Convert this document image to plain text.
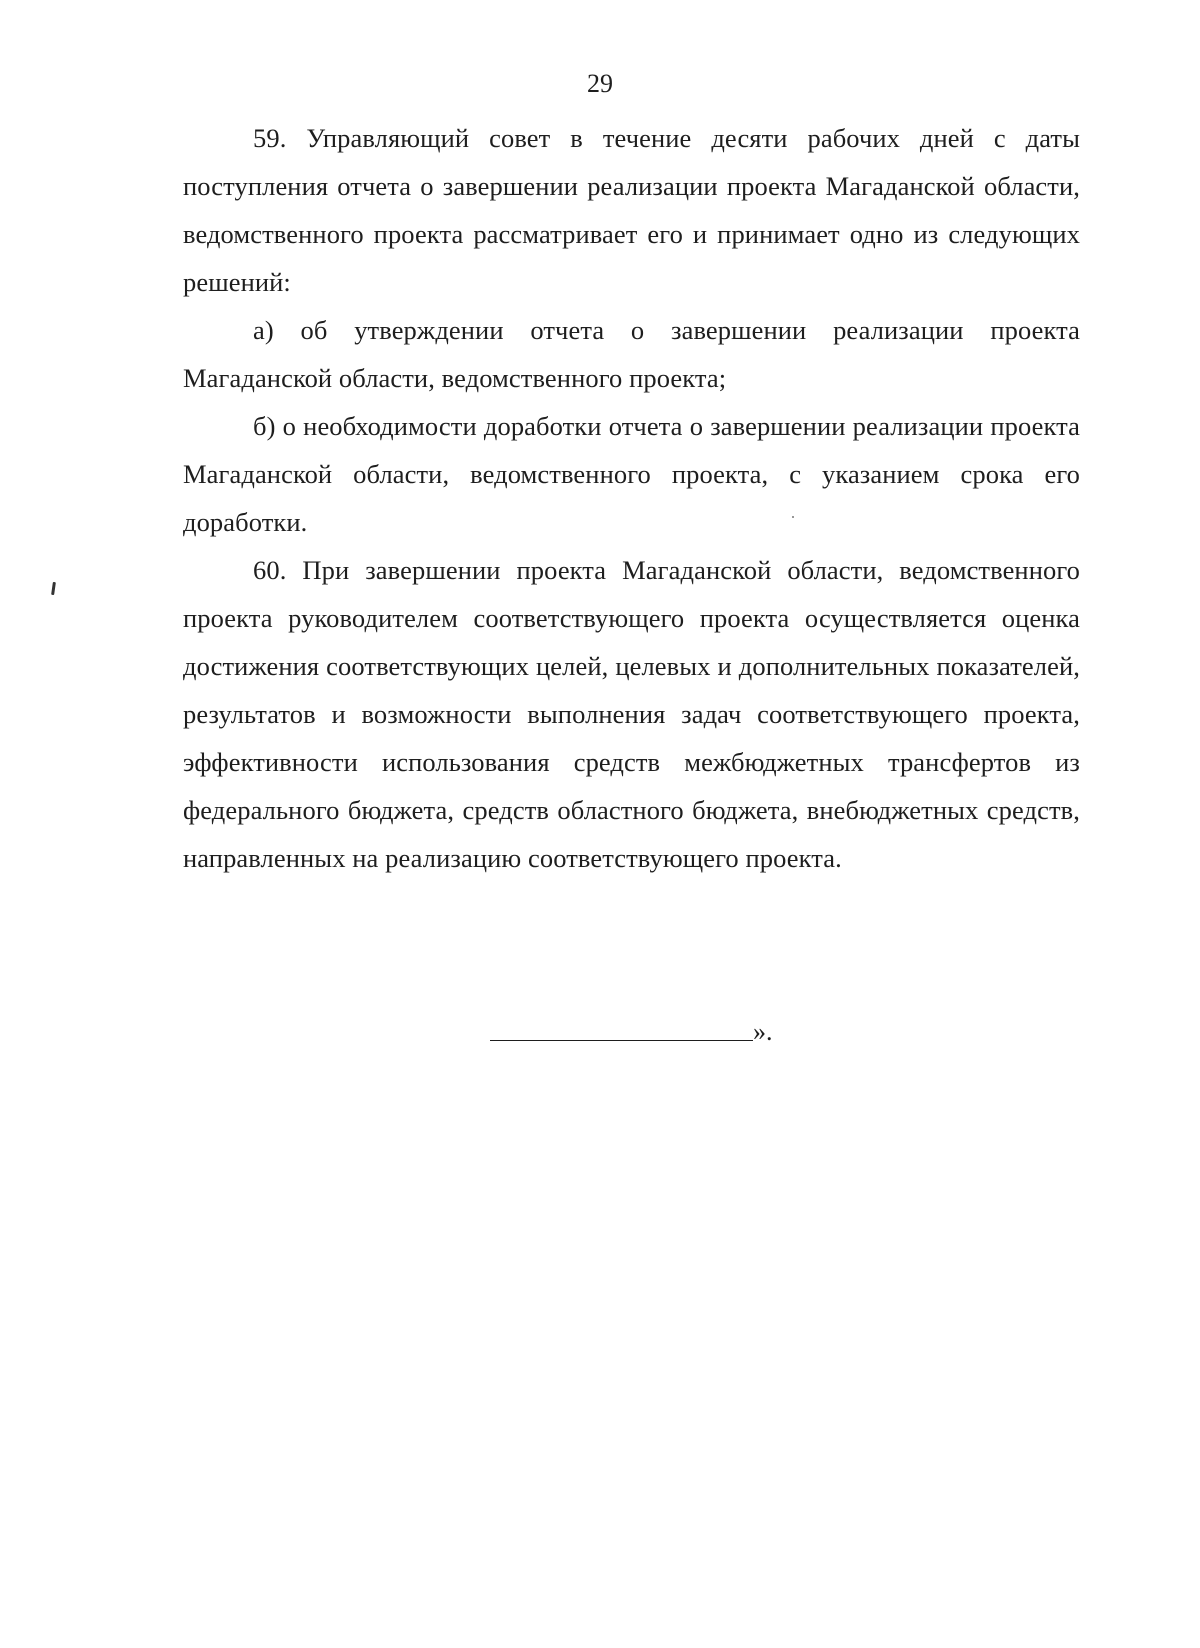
29

59. Управляющий совет в течение десяти рабочих дней с даты поступления отчета о завершении реализации проекта Магаданской области, ведомственного проекта рассматривает его и принимает одно из следующих решений:

а) об утверждении отчета о завершении реализации проекта Магаданской области, ведомственного проекта;

б) о необходимости доработки отчета о завершении реализации проекта Магаданской области, ведомственного проекта, с указанием срока его доработки.

60. При завершении проекта Магаданской области, ведомственного проекта руководителем соответствующего проекта осуществляется оценка достижения соответствующих целей, целевых и дополнительных показателей, результатов и возможности выполнения задач соответствующего проекта, эффективности использования средств межбюджетных трансфертов из федерального бюджета, средств областного бюджета, внебюджетных средств, направленных на реализацию соответствующего проекта.

».
